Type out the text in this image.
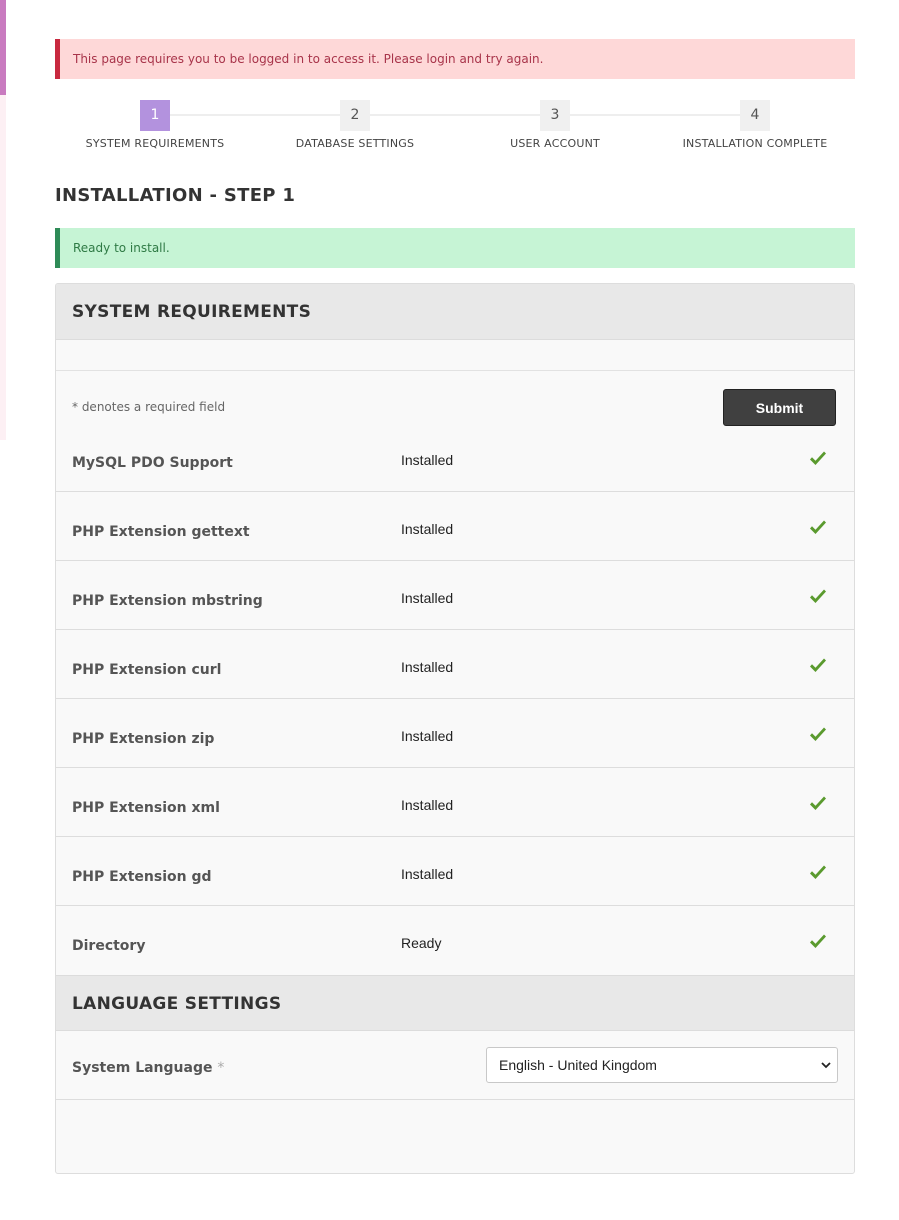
This page requires you to be logged in to access it. Please login and try again.
1
SYSTEM REQUIREMENTS
2
DATABASE SETTINGS
3
USER ACCOUNT
4
INSTALLATION COMPLETE
INSTALLATION - STEP 1
Ready to install.
SYSTEM REQUIREMENTS
MySQL PDO Support	Installed
PHP Extension gettext	Installed
PHP Extension mbstring	Installed
PHP Extension curl	Installed
PHP Extension zip	Installed
PHP Extension xml	Installed
PHP Extension gd	Installed
Directory	Ready
* denotes a required field	Submit
LANGUAGE SETTINGS
System Language *	English - United Kingdom
